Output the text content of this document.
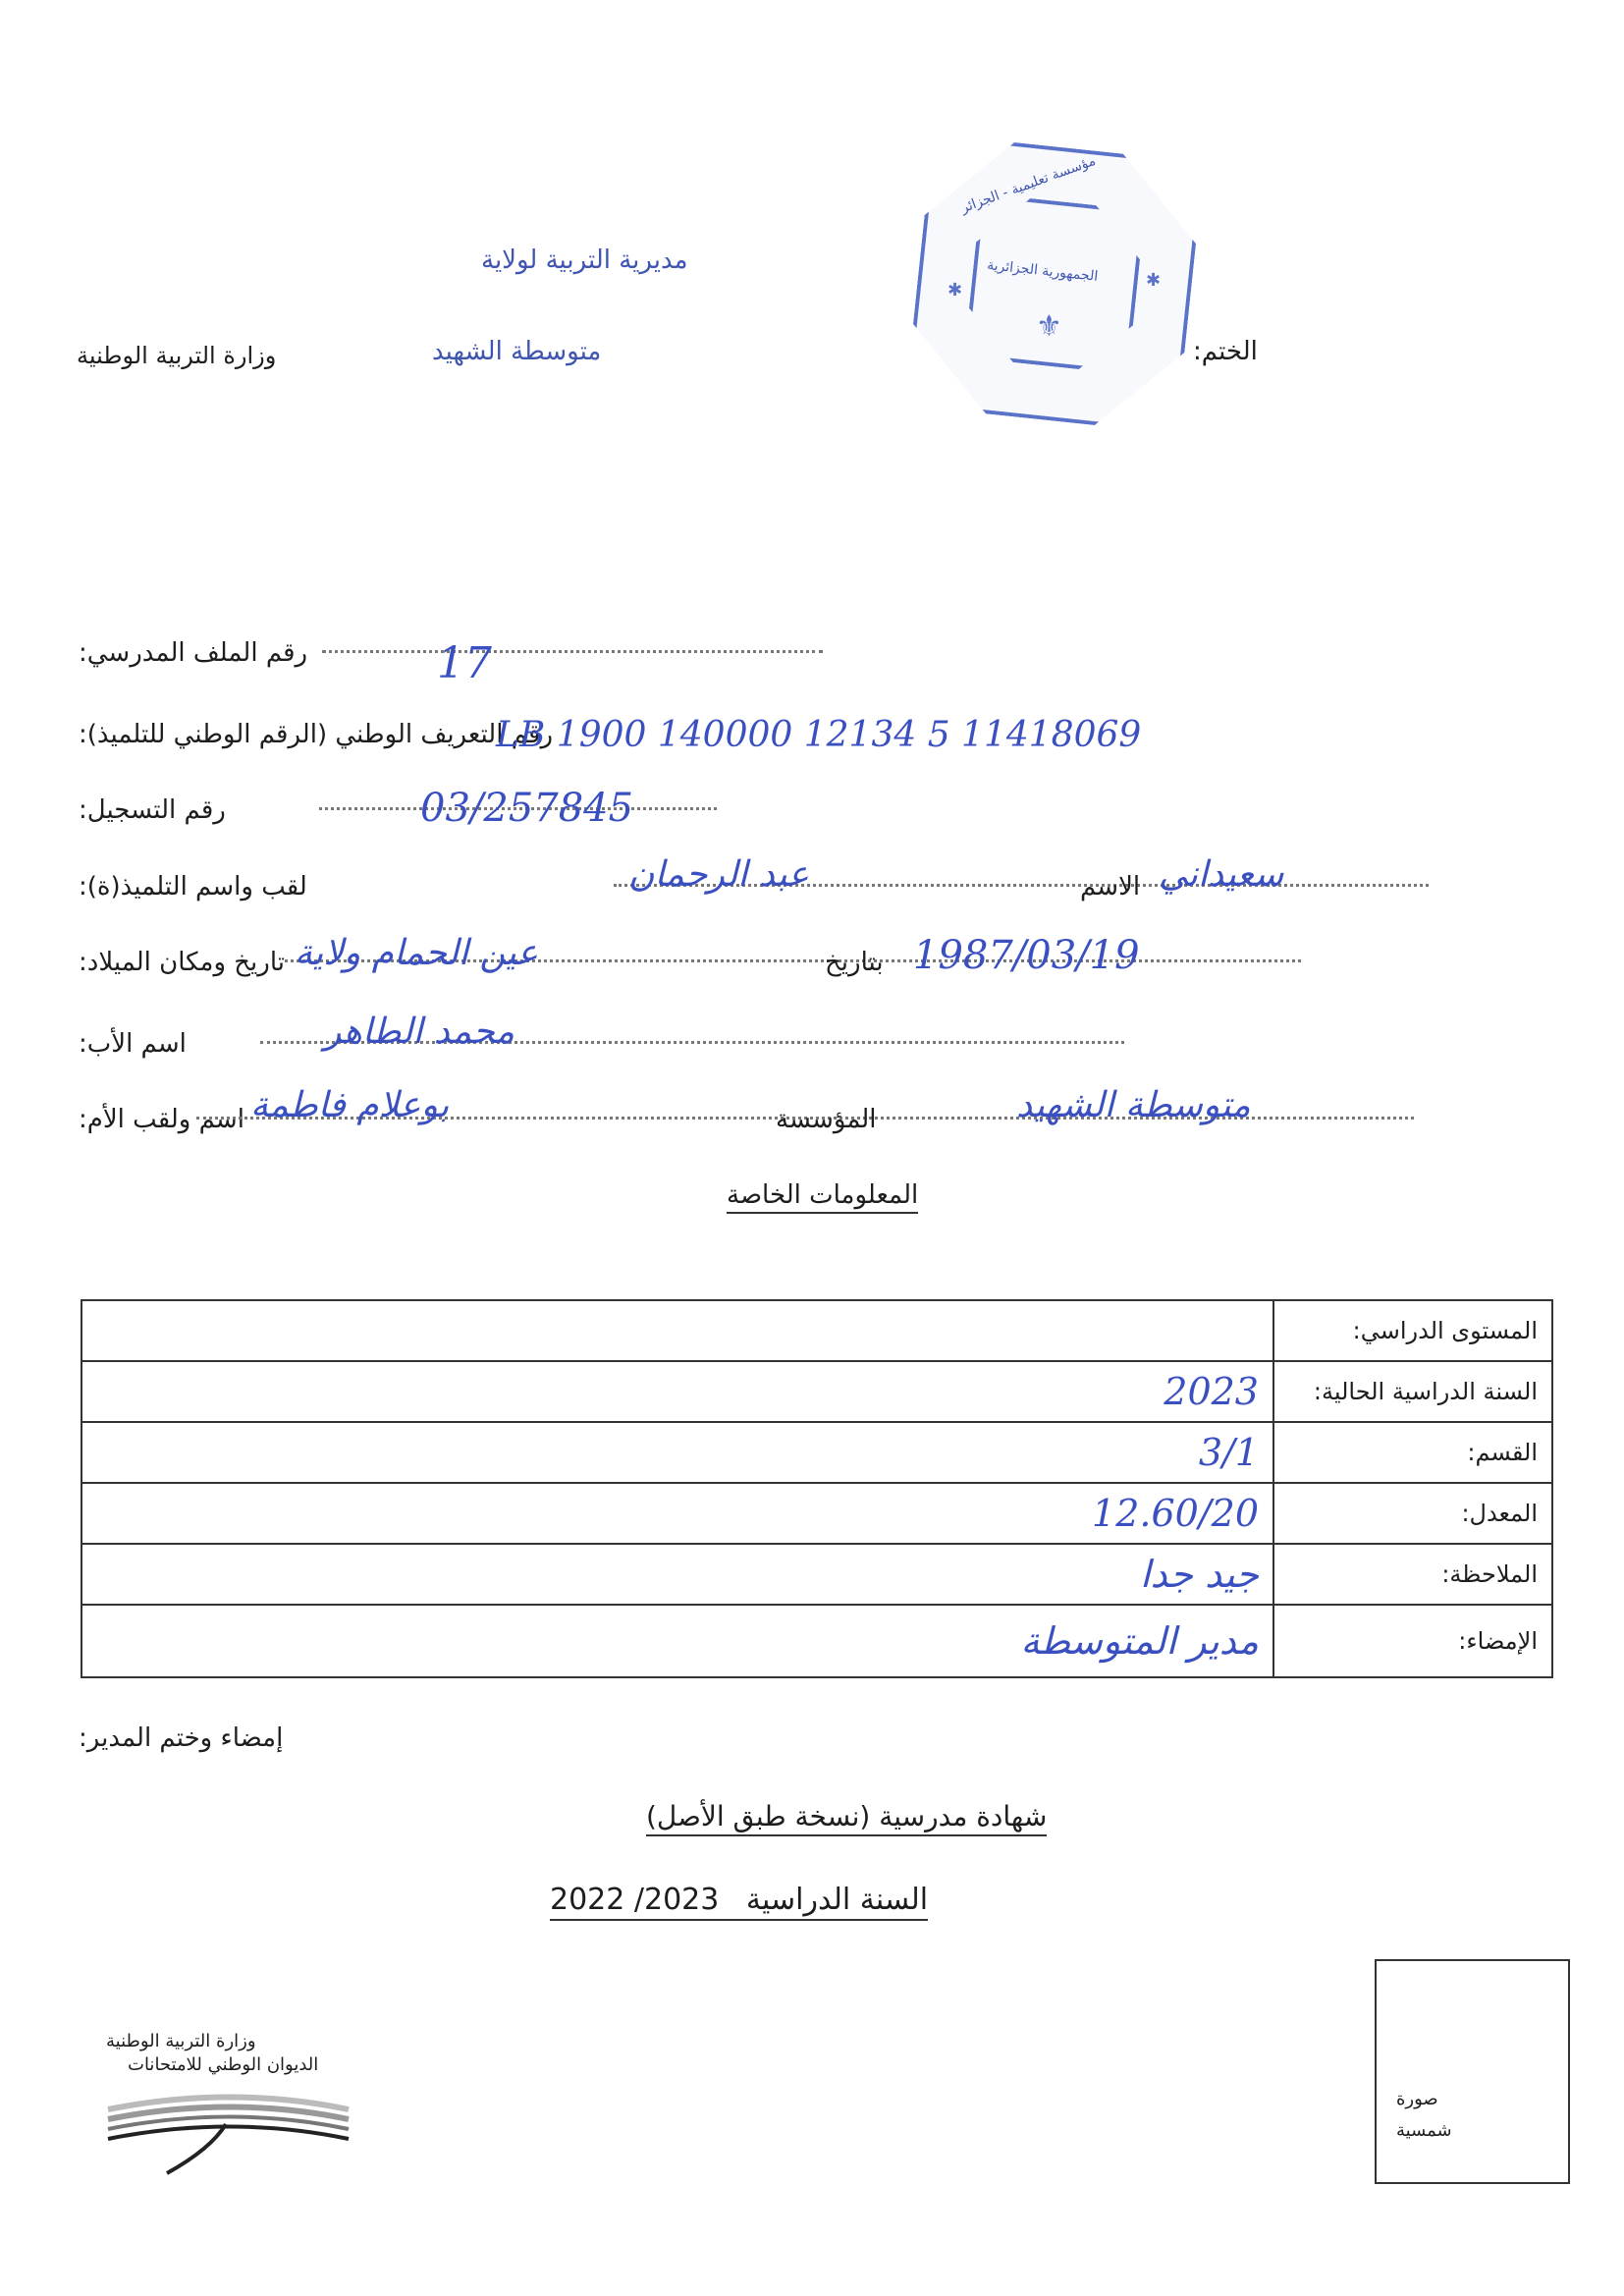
الختم:
مديرية التربية لولاية
متوسطة الشهيد
وزارة التربية الوطنية
الجمهورية الجزائرية
مؤسسة تعليمية - الجزائر
✱	✱
⚜
رقم الملف المدرسي:	17
رقم التعريف الوطني (الرقم الوطني للتلميذ):
LB 1900 140000 12134 5 11418069
رقم التسجيل:	03/257845
لقب واسم التلميذ(ة):	عبد الرحمان	الاسم سعيداني
تاريخ ومكان الميلاد: عين الحمام ولاية	بتاريخ 1987/03/19
اسم الأب:	محمد الطاهر
اسم ولقب الأم: بوعلام فاطمة	المؤسسة	متوسطة الشهيد
المعلومات الخاصة
	المستوى الدراسي:
2023	السنة الدراسية الحالية:
3/1	القسم:
12.60/20	المعدل:
جيد جدا	الملاحظة:
مدير المتوسطة	الإمضاء:
إمضاء وختم المدير:
شهادة مدرسية (نسخة طبق الأصل)
2022 /2023 السنة الدراسية
وزارة التربية الوطنية
الديوان الوطني للامتحانات
صورة
شمسية
